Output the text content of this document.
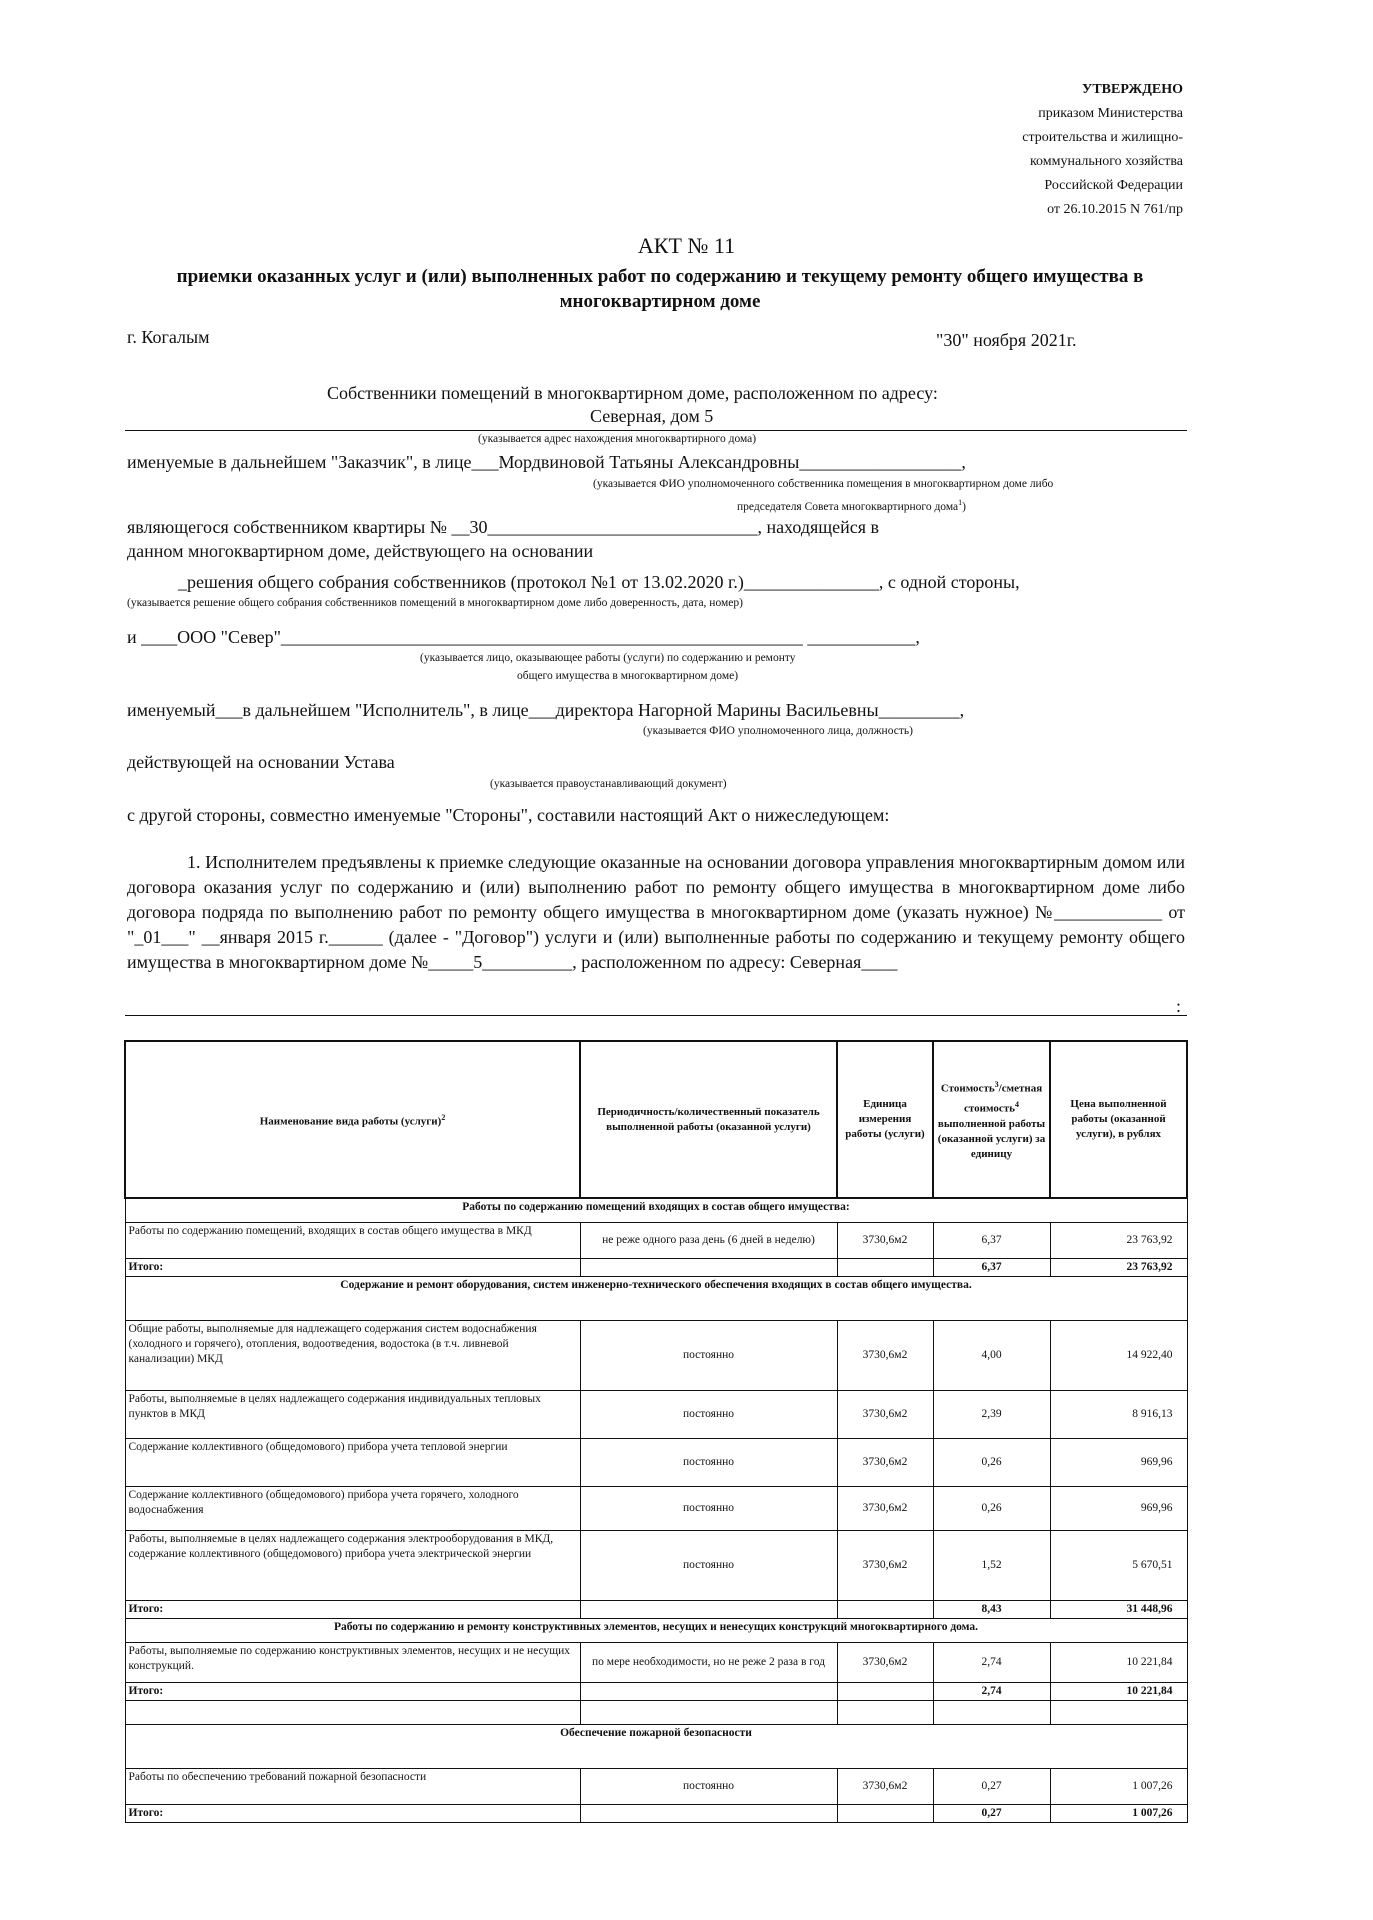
УТВЕРЖДЕНО
приказом Министерства
строительства и жилищно-
коммунального хозяйства
Российской Федерации
от 26.10.2015 N 761/пр
АКТ № 11
приемки оказанных услуг и (или) выполненных работ по содержанию и текущему ремонту общего имущества в многоквартирном доме
г. Когалым	"30" ноября 2021г.
Собственники помещений в многоквартирном доме, расположенном по адресу:
Северная, дом 5
(указывается адрес нахождения многоквартирного дома)
именуемые в дальнейшем "Заказчик", в лице___Мордвиновой Татьяны Александровны__________________,
(указывается ФИО уполномоченного собственника помещения в многоквартирном доме либо
председателя Совета многоквартирного дома$^1$)
являющегося собственником квартиры № __30______________________________, находящейся в
данном многоквартирном доме, действующего на основании
_решения общего собрания собственников (протокол №1 от 13.02.2020 г.)_______________, с одной стороны,
(указывается решение общего собрания собственников помещений в многоквартирном доме либо доверенность, дата, номер)
и ____ООО "Север"__________________________________________________________ ____________,
(указывается лицо, оказывающее работы (услуги) по содержанию и ремонту
общего имущества в многоквартирном доме)
именуемый___в дальнейшем "Исполнитель", в лице___директора Нагорной Марины Васильевны_________,
(указывается ФИО уполномоченного лица, должность)
действующей на основании Устава
(указывается правоустанавливающий документ)
с другой стороны, совместно именуемые "Стороны", составили настоящий Акт о нижеследующем:
1. Исполнителем предъявлены к приемке следующие оказанные на основании договора управления многоквартирным домом или договора оказания услуг по содержанию и (или) выполнению работ по ремонту общего имущества в многоквартирном доме либо договора подряда по выполнению работ по ремонту общего имущества в многоквартирном доме (указать нужное) №____________ от "_01___" __января 2015 г.______ (далее - "Договор") услуги и (или) выполненные работы по содержанию и текущему ремонту общего имущества в многоквартирном доме №_____5__________, расположенном по адресу: Северная____
:
Наименование вида работы (услуги)$^2$	Периодичность/количественный показатель выполненной работы (оказанной услуги)	Единица измерения работы (услуги)	Стоимость$^3$/сметная стоимость$^4$ выполненной работы (оказанной услуги) за единицу	Цена выполненной работы (оказанной услуги), в рублях
Работы по содержанию помещений входящих в состав общего имущества:				
Работы по содержанию помещений, входящих в состав общего имущества в МКД	не реже одного раза день (6 дней в неделю)	3730,6м2	6,37	23 763,92
Итого:			6,37	23 763,92
Содержание и ремонт оборудования, систем инженерно-технического обеспечения входящих в состав общего имущества.				
Общие работы, выполняемые для надлежащего содержания систем водоснабжения (холодного и горячего), отопления, водоотведения, водостока (в т.ч. ливневой канализации) МКД	постоянно	3730,6м2	4,00	14 922,40
Работы, выполняемые в целях надлежащего содержания индивидуальных тепловых пунктов в МКД	постоянно	3730,6м2	2,39	8 916,13
Содержание коллективного (общедомового) прибора учета тепловой энергии	постоянно	3730,6м2	0,26	969,96
Содержание коллективного (общедомового) прибора учета горячего, холодного водоснабжения	постоянно	3730,6м2	0,26	969,96
Работы, выполняемые в целях надлежащего содержания электрооборудования в МКД, содержание коллективного (общедомового) прибора учета электрической энергии	постоянно	3730,6м2	1,52	5 670,51
Итого:			8,43	31 448,96
Работы по содержанию и ремонту конструктивных элементов, несущих и ненесущих конструкций многоквартирного дома.				
Работы, выполняемые по содержанию конструктивных элементов, несущих и не несущих конструкций.	по мере необходимости, но не реже 2 раза в год	3730,6м2	2,74	10 221,84
Итого:			2,74	10 221,84

Обеспечение пожарной безопасности				
Работы по обеспечению требований пожарной безопасности	постоянно	3730,6м2	0,27	1 007,26
Итого:			0,27	1 007,26
